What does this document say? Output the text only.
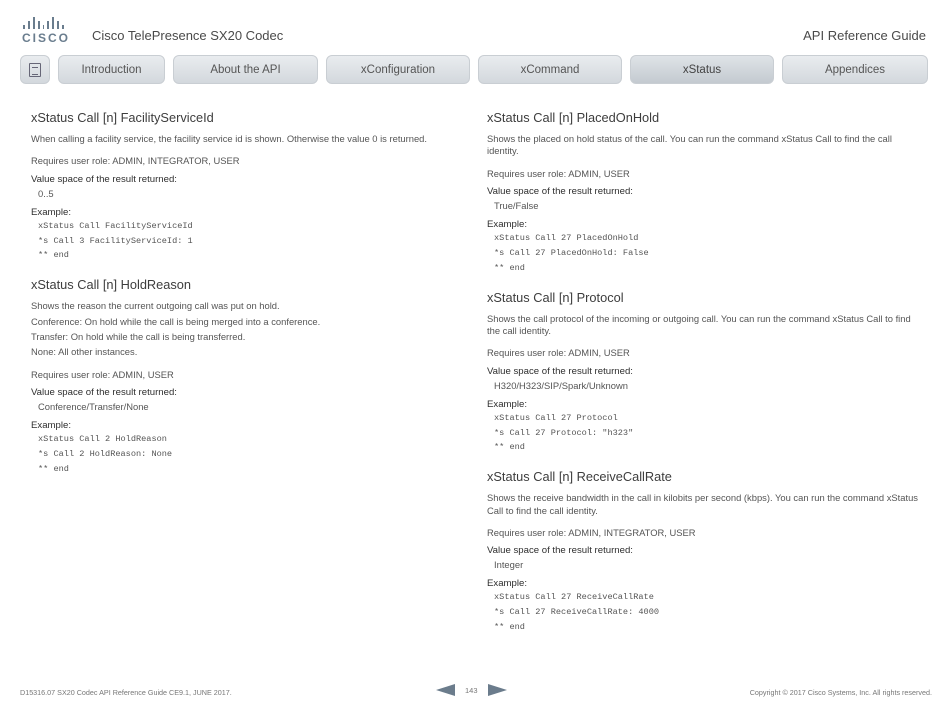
CISCO Cisco TelePresence SX20 Codec	API Reference Guide
Introduction	About the API	xConfiguration	xCommand	xStatus	Appendices
xStatus Call [n] FacilityServiceId

When calling a facility service, the facility service id is shown. Otherwise the value 0 is returned.

Requires user role: ADMIN, INTEGRATOR, USER

Value space of the result returned:
0..5
Example:
xStatus Call FacilityServiceId
*s Call 3 FacilityServiceId: 1
** end
xStatus Call [n] HoldReason

Shows the reason the current outgoing call was put on hold.

Conference: On hold while the call is being merged into a conference.

Transfer: On hold while the call is being transferred.

None: All other instances.

Requires user role: ADMIN, USER

Value space of the result returned:
Conference/Transfer/None
Example:
xStatus Call 2 HoldReason
*s Call 2 HoldReason: None
** end
xStatus Call [n] PlacedOnHold

Shows the placed on hold status of the call. You can run the command xStatus Call to find the call identity.

Requires user role: ADMIN, USER

Value space of the result returned:
True/False
Example:
xStatus Call 27 PlacedOnHold
*s Call 27 PlacedOnHold: False
** end
xStatus Call [n] Protocol

Shows the call protocol of the incoming or outgoing call. You can run the command xStatus Call to find the call identity.

Requires user role: ADMIN, USER

Value space of the result returned:
H320/H323/SIP/Spark/Unknown
Example:
xStatus Call 27 Protocol
*s Call 27 Protocol: "h323"
** end
xStatus Call [n] ReceiveCallRate

Shows the receive bandwidth in the call in kilobits per second (kbps). You can run the command xStatus Call to find the call identity.

Requires user role: ADMIN, INTEGRATOR, USER

Value space of the result returned:
Integer
Example:
xStatus Call 27 ReceiveCallRate
*s Call 27 ReceiveCallRate: 4000
** end
D15316.07 SX20 Codec API Reference Guide CE9.1, JUNE 2017.	143	Copyright © 2017 Cisco Systems, Inc. All rights reserved.
